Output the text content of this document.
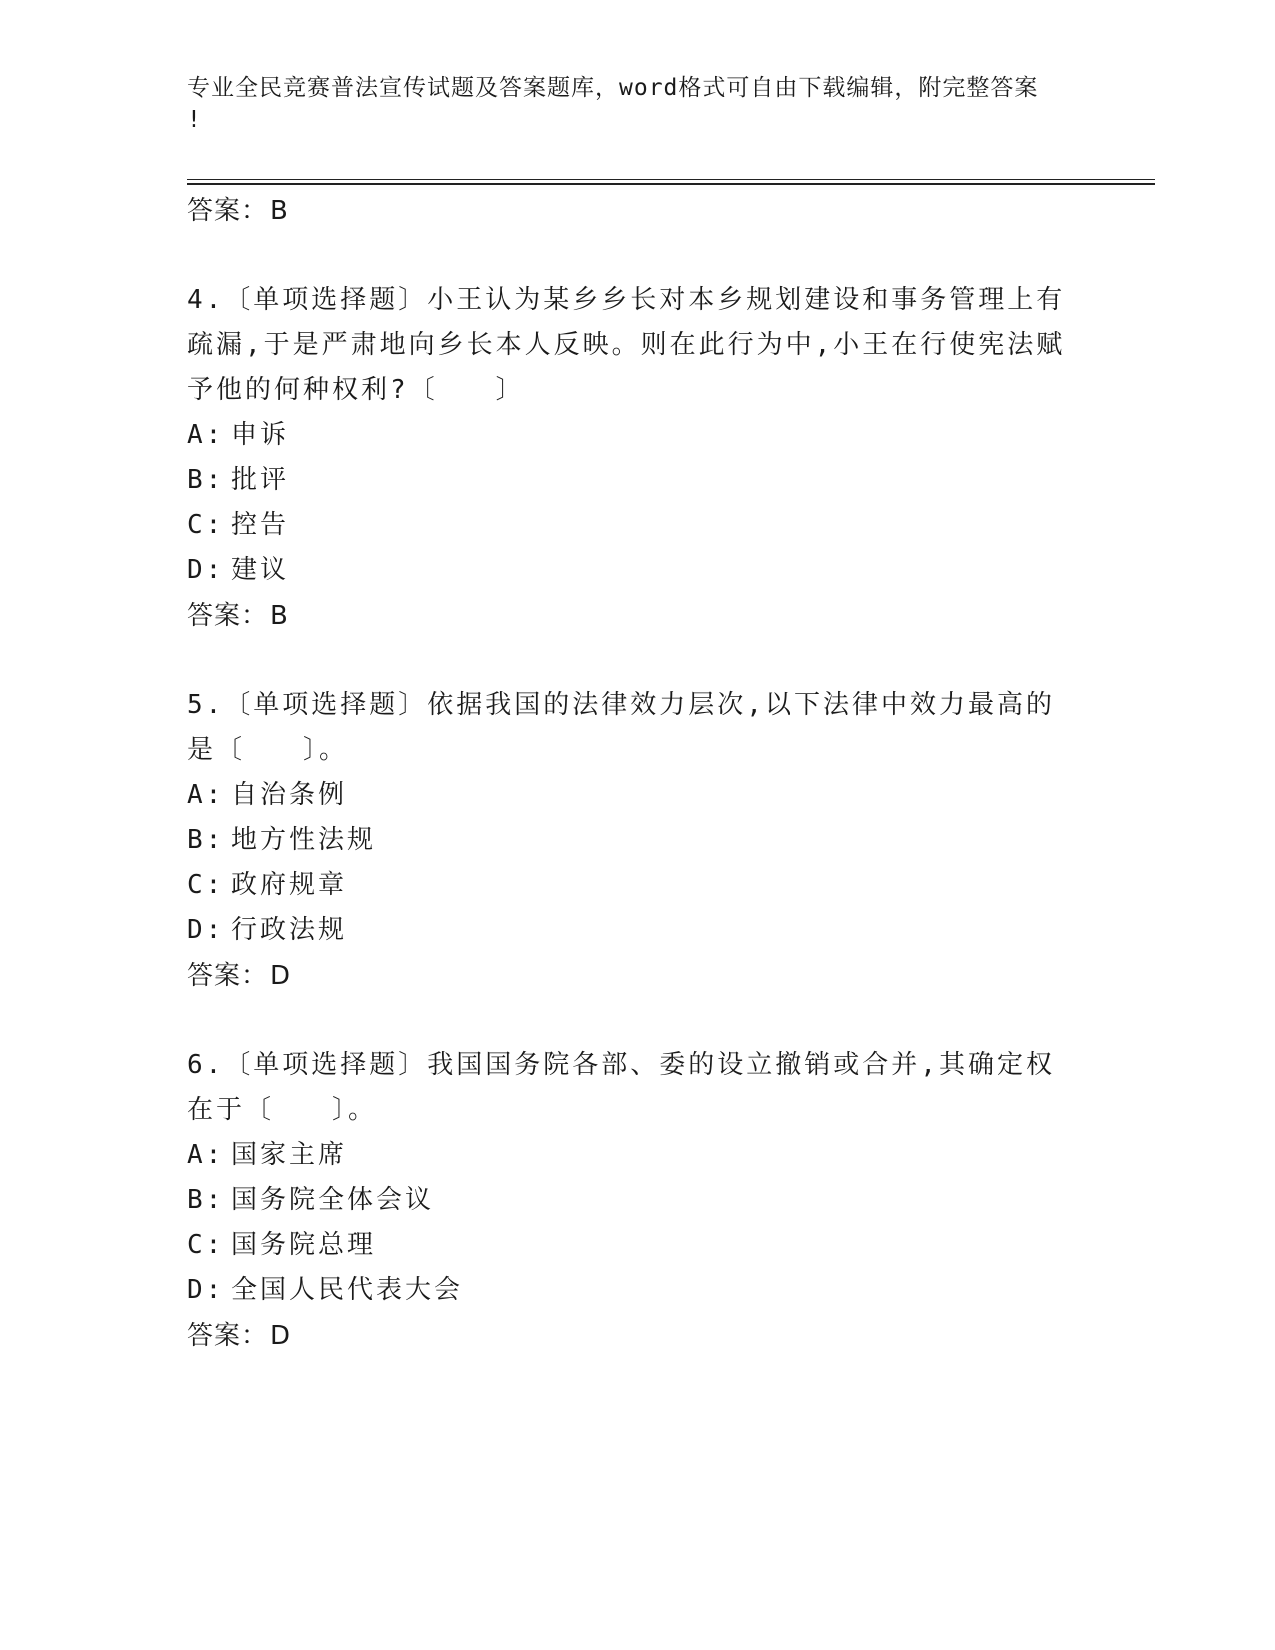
专业全民竞赛普法宣传试题及答案题库，word格式可自由下载编辑，附完整答案
!
答案：B
4.〔单项选择题〕小王认为某乡乡长对本乡规划建设和事务管理上有疏漏,于是严肃地向乡长本人反映。则在此行为中,小王在行使宪法赋予他的何种权利?〔　　〕
A: 申诉
B: 批评
C: 控告
D: 建议
答案：B
5.〔单项选择题〕依据我国的法律效力层次,以下法律中效力最高的是〔　　〕。
A: 自治条例
B: 地方性法规
C: 政府规章
D: 行政法规
答案：D
6.〔单项选择题〕我国国务院各部、委的设立撤销或合并,其确定权在于〔　　〕。
A: 国家主席
B: 国务院全体会议
C: 国务院总理
D: 全国人民代表大会
答案：D
